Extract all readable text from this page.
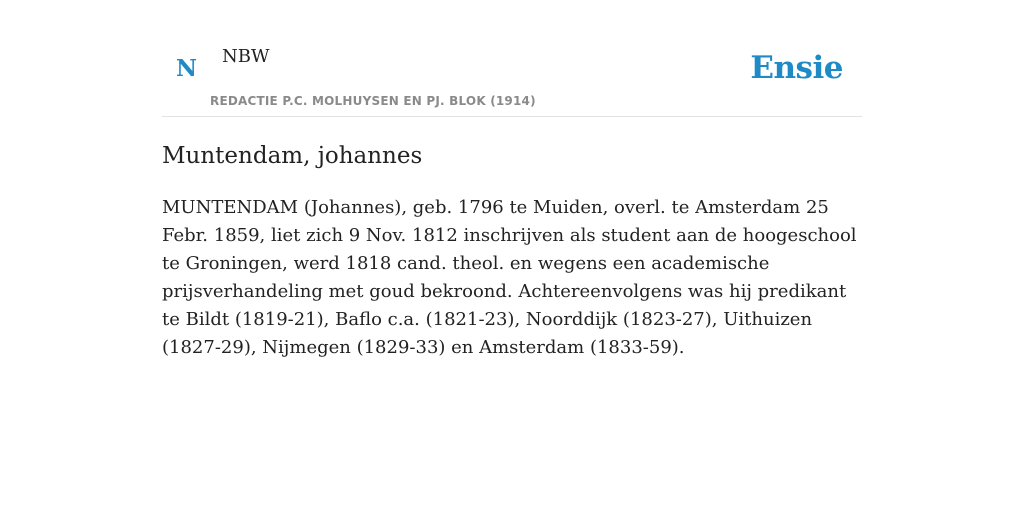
N NBW
REDACTIE P.C. MOLHUYSEN EN PJ. BLOK (1914)
Ensie
Muntendam, johannes

MUNTENDAM (Johannes), geb. 1796 te Muiden, overl. te Amsterdam 25 Febr. 1859, liet zich 9 Nov. 1812 inschrijven als student aan de hoogeschool te Groningen, werd 1818 cand. theol. en wegens een academische prijsverhandeling met goud bekroond. Achtereenvolgens was hij predikant te Bildt (1819-21), Baflo c.a. (1821-23), Noorddijk (1823-27), Uithuizen (1827-29), Nijmegen (1829-33) en Amsterdam (1833-59).
